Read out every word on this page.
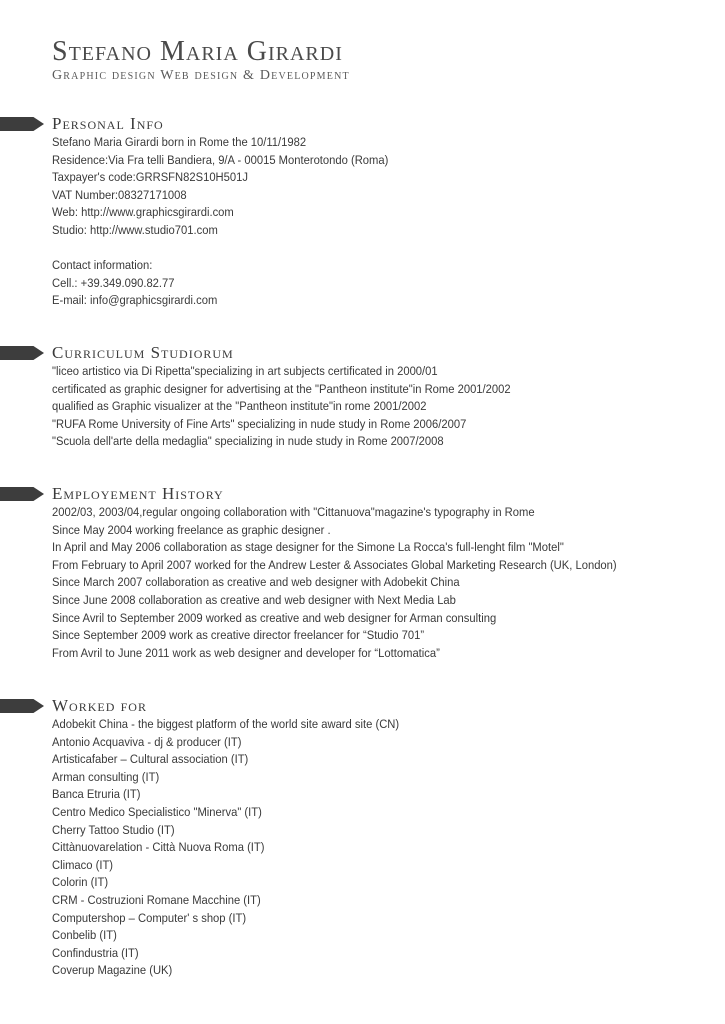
Stefano Maria Girardi
Graphic design Web design & Development
Personal Info
Stefano Maria Girardi born in Rome the 10/11/1982
Residence:Via Fra telli Bandiera, 9/A - 00015 Monterotondo (Roma)
Taxpayer's code:GRRSFN82S10H501J
VAT Number:08327171008
Web: http://www.graphicsgirardi.com
Studio: http://www.studio701.com
Contact information:
Cell.: +39.349.090.82.77
E-mail: info@graphicsgirardi.com
Curriculum Studiorum
"liceo artistico via Di Ripetta"specializing in art subjects certificated in 2000/01
certificated as graphic designer for advertising at the "Pantheon institute"in Rome 2001/2002
qualified as Graphic visualizer at the "Pantheon institute"in rome 2001/2002
"RUFA Rome University of Fine Arts" specializing in nude study in Rome 2006/2007
"Scuola dell'arte della medaglia" specializing in nude study in Rome 2007/2008
Employement History
2002/03, 2003/04,regular ongoing collaboration with "Cittanuova"magazine's typography in Rome
Since May 2004 working freelance as graphic designer .
In April and May 2006 collaboration as stage designer for the Simone La Rocca's full-lenght film "Motel"
From February to April 2007 worked for the Andrew Lester & Associates Global Marketing Research (UK, London)
Since March 2007 collaboration as creative and web designer with Adobekit China
Since June 2008 collaboration as creative and web designer with Next Media Lab
Since Avril to September 2009 worked as creative and web designer for Arman consulting
Since September 2009 work as creative director freelancer for “Studio 701”
From Avril to June 2011 work as web designer and developer for “Lottomatica”
Worked for
Adobekit China - the biggest platform of the world site award site (CN)
Antonio Acquaviva - dj & producer (IT)
Artisticafaber – Cultural association (IT)
Arman consulting (IT)
Banca Etruria (IT)
Centro Medico Specialistico "Minerva" (IT)
Cherry Tattoo Studio (IT)
Cittànuovarelation - Città Nuova Roma (IT)
Climaco (IT)
Colorin (IT)
CRM - Costruzioni Romane Macchine (IT)
Computershop – Computer' s shop (IT)
Conbelib (IT)
Confindustria (IT)
Coverup Magazine (UK)
